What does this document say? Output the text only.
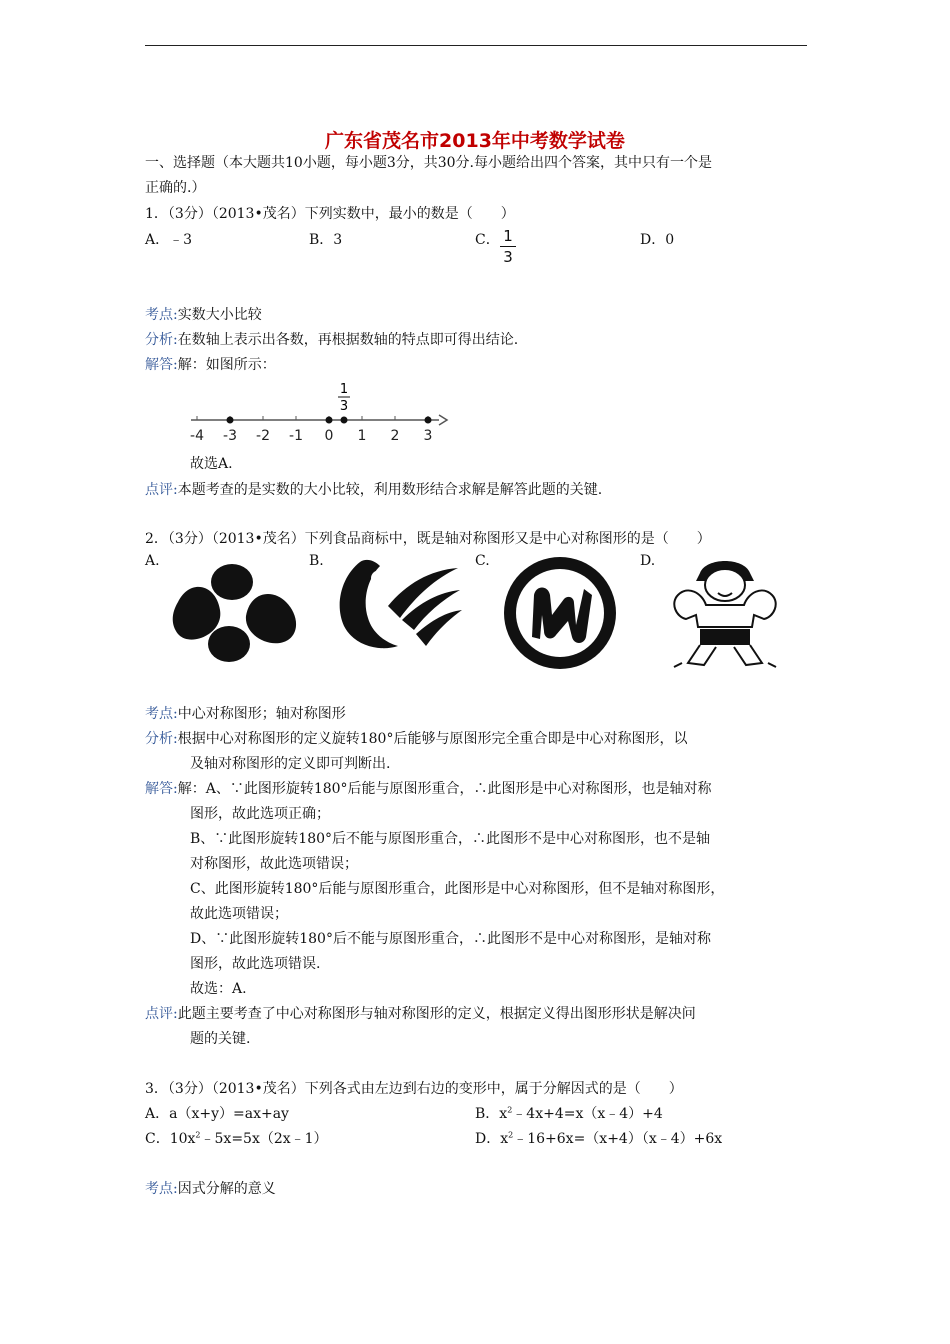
广东省茂名市2013年中考数学试卷
一、选择题（本大题共10小题，每小题3分，共30分.每小题给出四个答案，其中只有一个是
正确的.）
1．（3分）（2013•茂名）下列实数中，最小的数是（　　）
A．﹣3	B．3	C． 1
3
D．0
考点:实数大小比较
分析:在数轴上表示出各数，再根据数轴的特点即可得出结论.
解答:解：如图所示：
-4 -3 -2 -1 0 1 2 3
1
3
故选A.
点评:本题考查的是实数的大小比较，利用数形结合求解是解答此题的关键.
2．（3分）（2013•茂名）下列食品商标中，既是轴对称图形又是中心对称图形的是（　　）
A.	B.	C.	D.
考点:中心对称图形；轴对称图形
分析:根据中心对称图形的定义旋转180°后能够与原图形完全重合即是中心对称图形，以
及轴对称图形的定义即可判断出.
解答:解：A、∵此图形旋转180°后能与原图形重合，∴此图形是中心对称图形，也是轴对称
图形，故此选项正确；
B、∵此图形旋转180°后不能与原图形重合，∴此图形不是中心对称图形，也不是轴
对称图形，故此选项错误；
C、此图形旋转180°后能与原图形重合，此图形是中心对称图形，但不是轴对称图形，
故此选项错误；
D、∵此图形旋转180°后不能与原图形重合，∴此图形不是中心对称图形，是轴对称
图形，故此选项错误.
故选：A.
点评:此题主要考查了中心对称图形与轴对称图形的定义，根据定义得出图形形状是解决问
题的关键.
3．（3分）（2013•茂名）下列各式由左边到右边的变形中，属于分解因式的是（　　）
A．a（x+y）=ax+ay	B．$x^2﹣4x+4=x(x﹣4)+4$
C．$10x^2﹣5x=5x(2x﹣1)$	D．$x^2﹣16+6x=(x+4)(x﹣4)+6x$
考点:因式分解的意义
